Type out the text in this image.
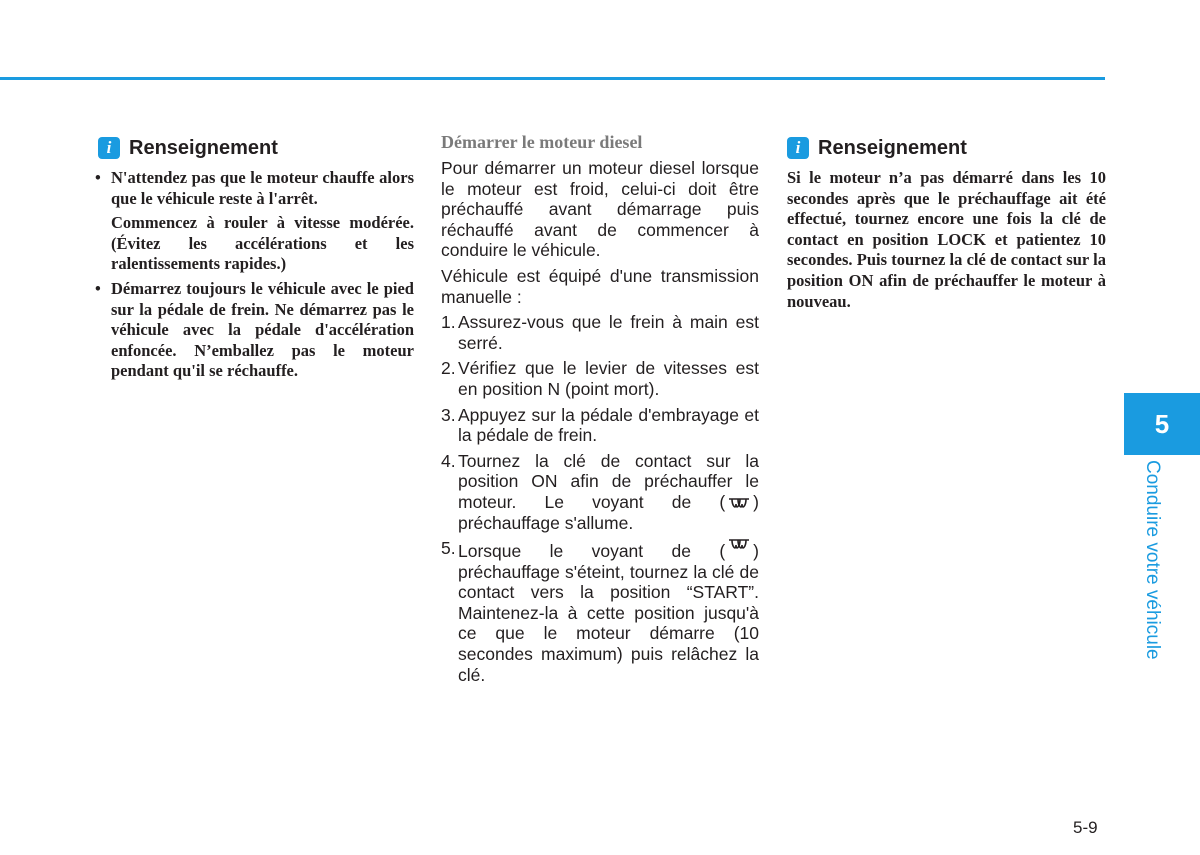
i Renseignement
• N'attendez pas que le moteur chauffe alors que le véhicule reste à l'arrêt.

Commencez à rouler à vitesse modérée. (Évitez les accélérations et les ralentissements rapides.)

• Démarrez toujours le véhicule avec le pied sur la pédale de frein. Ne démarrez pas le véhicule avec la pédale d'accélération enfoncée. N’emballez pas le moteur pendant qu'il se réchauffe.

Démarrer le moteur diesel

Pour démarrer un moteur diesel lorsque le moteur est froid, celui-ci doit être préchauffé avant démarrage puis réchauffé avant de commencer à conduire le véhicule.

Véhicule est équipé d'une transmission manuelle :

1. Assurez-vous que le frein à main est serré.
2. Vérifiez que le levier de vitesses est en position N (point mort).
3. Appuyez sur la pédale d'embrayage et la pédale de frein.
4. Tournez la clé de contact sur la position ON afin de préchauffer le moteur. Le voyant de ( ) préchauffage s'allume.
5. Lorsque le voyant de ( ) préchauffage s'éteint, tournez la clé de contact vers la position “START”. Maintenez-la à cette position jusqu'à ce que le moteur démarre (10 secondes maximum) puis relâchez la clé.
i Renseignement
Si le moteur n’a pas démarré dans les 10 secondes après que le préchauffage ait été effectué, tournez encore une fois la clé de contact en position LOCK et patientez 10 secondes. Puis tournez la clé de contact sur la position ON afin de préchauffer le moteur à nouveau.
5
Conduire votre véhicule
5-9
